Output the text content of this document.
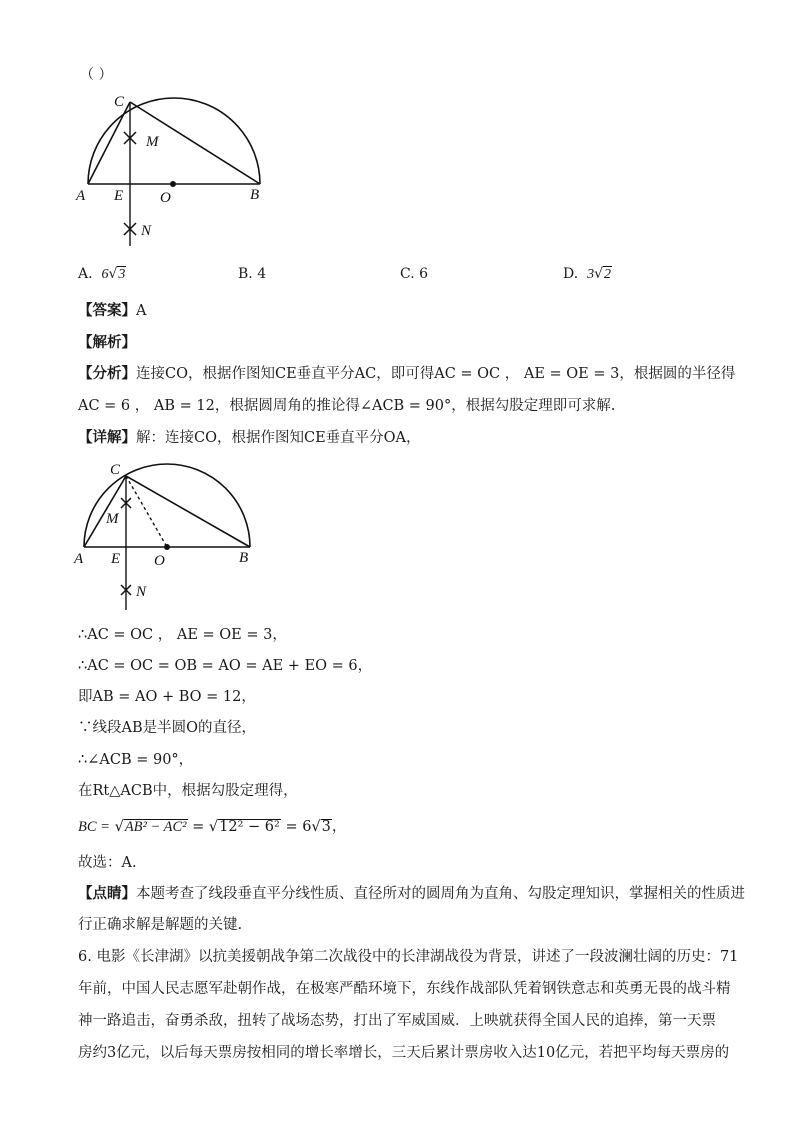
（ ）
C
M
A E O	B
N
A. 6√3	B. 4	C. 6	D. 3√2
【答案】A
【解析】
【分析】连接CO，根据作图知CE垂直平分AC，即可得AC = OC ， AE = OE = 3，根据圆的半径得
AC = 6 ， AB = 12，根据圆周角的推论得∠ACB = 90°，根据勾股定理即可求解.
【详解】解：连接CO，根据作图知CE垂直平分OA，
C
M
A E O	B
N
∴AC = OC ， AE = OE = 3，
∴AC = OC = OB = AO = AE + EO = 6，
即AB = AO + BO = 12，
∵线段AB是半圆O的直径，
∴∠ACB = 90°，
在Rt△ACB中，根据勾股定理得，
BC = √AB² − AC² = √12² − 6² = 6√3，
故选：A.
【点睛】本题考查了线段垂直平分线性质、直径所对的圆周角为直角、勾股定理知识，掌握相关的性质进
行正确求解是解题的关键.
6. 电影《长津湖》以抗美援朝战争第二次战役中的长津湖战役为背景，讲述了一段波澜壮阔的历史：71
年前，中国人民志愿军赴朝作战，在极寒严酷环境下，东线作战部队凭着钢铁意志和英勇无畏的战斗精
神一路追击，奋勇杀敌，扭转了战场态势，打出了军威国威．上映就获得全国人民的追捧，第一天票
房约3亿元，以后每天票房按相同的增长率增长，三天后累计票房收入达10亿元，若把平均每天票房的
